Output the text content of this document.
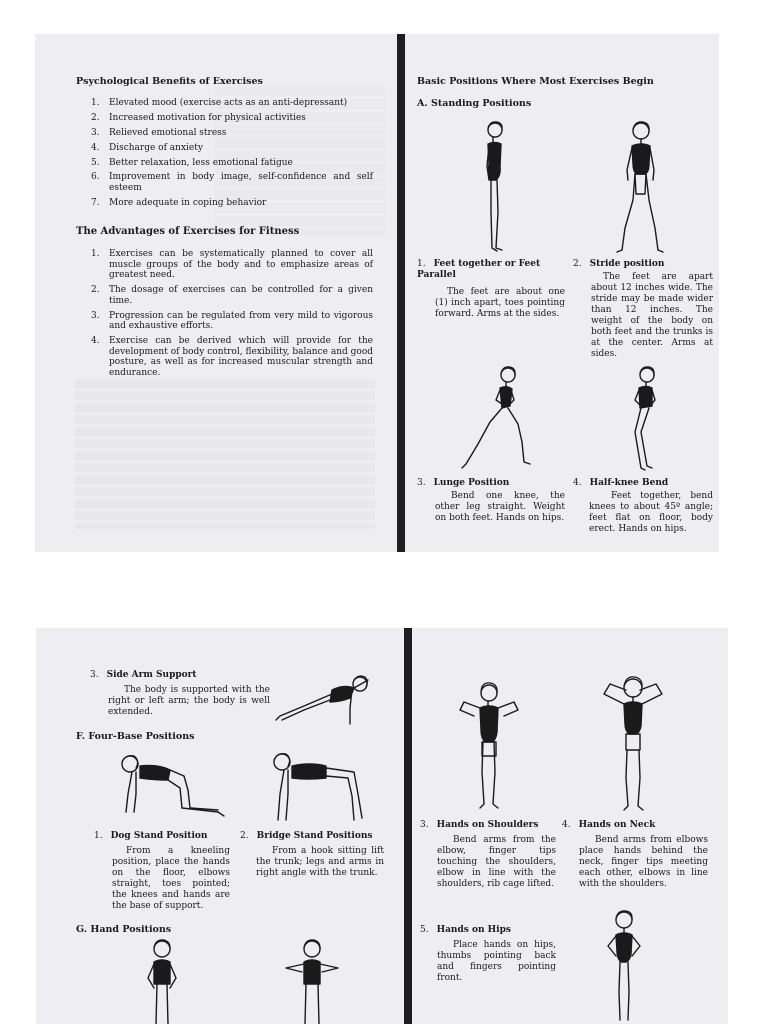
Psychological Benefits of Exercises
1. Elevated mood (exercise acts as an anti-depressant)
2. Increased motivation for physical activities
3. Relieved emotional stress
4. Discharge of anxiety
5. Better relaxation, less emotional fatigue
6. Improvement in body image, self-confidence and self esteem
7. More adequate in coping behavior
The Advantages of Exercises for Fitness
1. Exercises can be systematically planned to cover all muscle groups of the body and to emphasize areas of greatest need.
2. The dosage of exercises can be controlled for a given time.
3. Progression can be regulated from very mild to vigorous and exhaustive efforts.
4. Exercise can be derived which will provide for the development of body control, flexibility, balance and good posture, as well as for increased muscular strength and endurance.
Basic Positions Where Most Exercises Begin
A. Standing Positions
1. Feet together or Feet Parallel
The feet are about one (1) inch apart, toes pointing forward. Arms at the sides.
2. Stride position
The feet are apart about 12 inches wide. The stride may be made wider than 12 inches. The weight of the body on both feet and the trunks is at the center. Arms at sides.
3. Lunge Position
Bend one knee, the other leg straight. Weight on both feet. Hands on hips.
4. Half-knee Bend
Feet together, bend knees to about 45º angle; feet flat on floor, body erect. Hands on hips.
3. Side Arm Support
The body is supported with the right or left arm; the body is well extended.
F. Four-Base Positions
1. Dog Stand Position
From a kneeling position, place the hands on the floor, elbows straight, toes pointed; the knees and hands are the base of support.
2. Bridge Stand Positions
From a hook sitting lift the trunk; legs and arms in right angle with the trunk.
G. Hand Positions
3. Hands on Shoulders
Bend arms from the elbow, finger tips touching the shoulders, elbow in line with the shoulders, rib cage lifted.
4. Hands on Neck
Bend arms from elbows place hands behind the neck, finger tips meeting each other, elbows in line with the shoulders.
5. Hands on Hips
Place hands on hips, thumbs pointing back and fingers pointing front.
